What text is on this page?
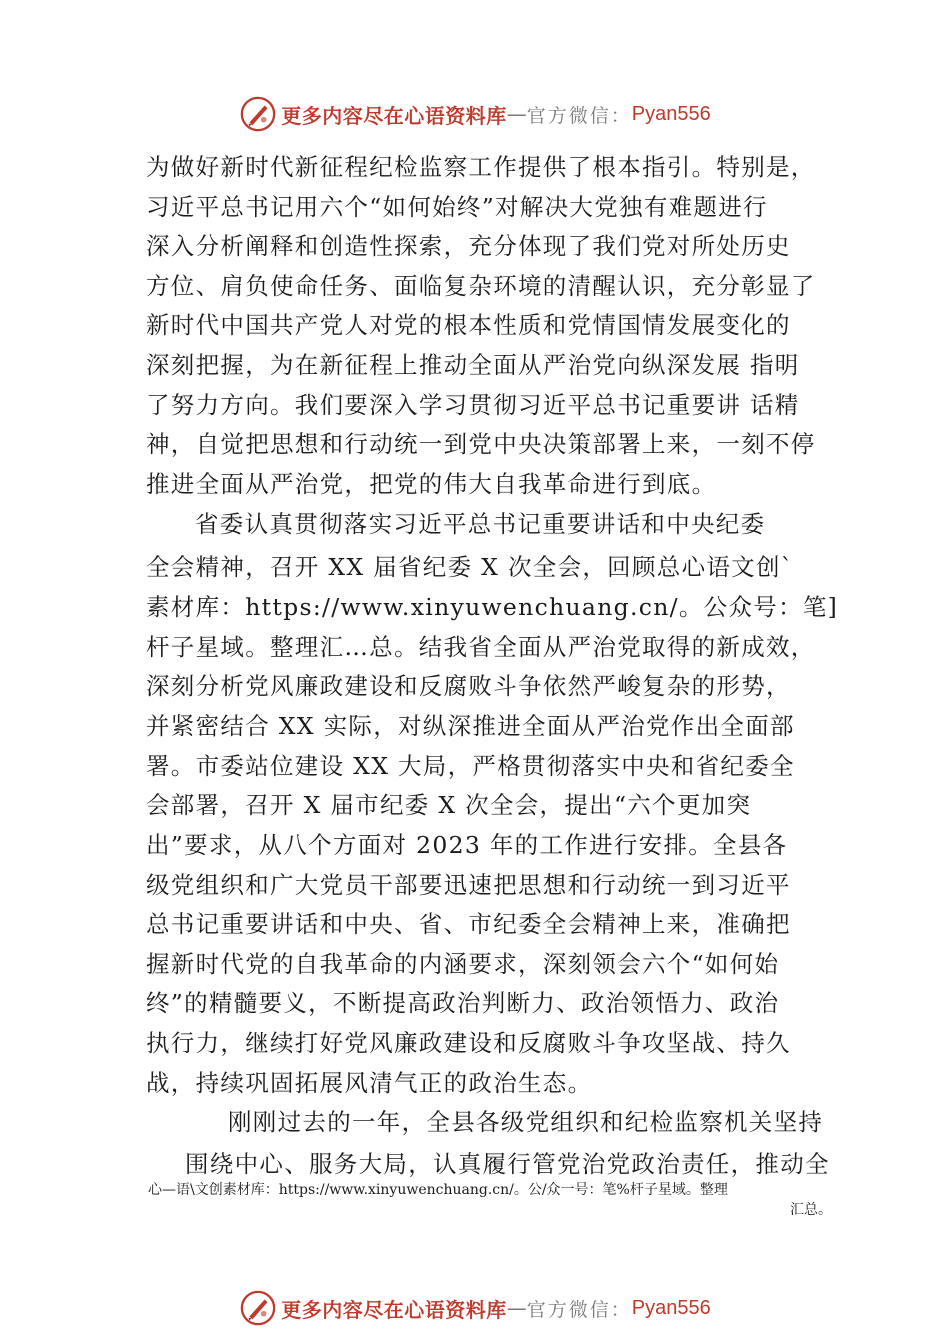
更多内容尽在心语资料库 — 官方微信： Pyan556
为做好新时代新征程纪检监察工作提供了根本指引。特别是，
习近平总书记用六个“如何始终”对解决大党独有难题进行
深入分析阐释和创造性探索，充分体现了我们党对所处历史
方位、肩负使命任务、面临复杂环境的清醒认识，充分彰显了
新时代中国共产党人对党的根本性质和党情国情发展变化的
深刻把握，为在新征程上推动全面从严治党向纵深发展 指明
了努力方向。我们要深入学习贯彻习近平总书记重要讲 话精
神，自觉把思想和行动统一到党中央决策部署上来，一刻不停
推进全面从严治党，把党的伟大自我革命进行到底。
省委认真贯彻落实习近平总书记重要讲话和中央纪委
全会精神，召开 XX 届省纪委 X 次全会，回顾总心语文创`
素材库：https://www.xinyuwenchuang.cn/。公众号：笔]
杆子星域。整理汇…总。结我省全面从严治党取得的新成效，
深刻分析党风廉政建设和反腐败斗争依然严峻复杂的形势，
并紧密结合 XX 实际，对纵深推进全面从严治党作出全面部
署。市委站位建设 XX 大局，严格贯彻落实中央和省纪委全
会部署，召开 X 届市纪委 X 次全会，提出“六个更加突
出”要求，从八个方面对 2023 年的工作进行安排。全县各
级党组织和广大党员干部要迅速把思想和行动统一到习近平
总书记重要讲话和中央、省、市纪委全会精神上来，准确把
握新时代党的自我革命的内涵要求，深刻领会六个“如何始
终”的精髓要义，不断提高政治判断力、政治领悟力、政治
执行力，继续打好党风廉政建设和反腐败斗争攻坚战、持久
战，持续巩固拓展风清气正的政治生态。
刚刚过去的一年，全县各级党组织和纪检监察机关坚持
围绕中心、服务大局，认真履行管党治党政治责任，推动全
心—语\文创素材库：https://www.xinyuwenchuang.cn/。公/众一号：笔%杆子星域。整理
汇总。
更多内容尽在心语资料库 — 官方微信： Pyan556
